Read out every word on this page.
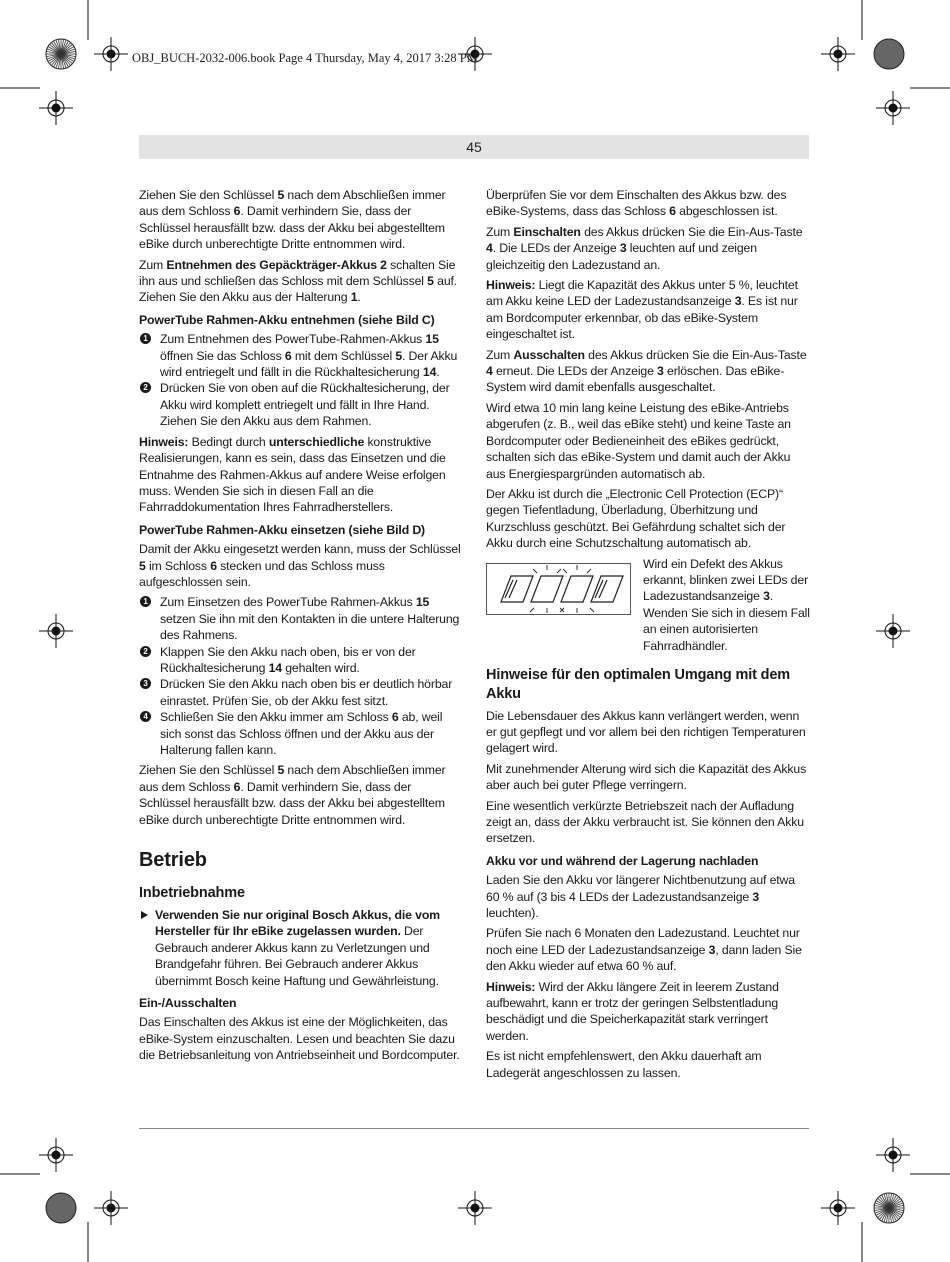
OBJ_BUCH-2032-006.book Page 4 Thursday, May 4, 2017 3:28 PM
45

Ziehen Sie den Schlüssel 5 nach dem Abschließen immer aus dem Schloss 6. Damit verhindern Sie, dass der Schlüssel herausfällt bzw. dass der Akku bei abgestelltem eBike durch unberechtigte Dritte entnommen wird.

Zum Entnehmen des Gepäckträger-Akkus 2 schalten Sie ihn aus und schließen das Schloss mit dem Schlüssel 5 auf. Ziehen Sie den Akku aus der Halterung 1.

PowerTube Rahmen-Akku entnehmen (siehe Bild C)
1 Zum Entnehmen des PowerTube-Rahmen-Akkus 15 öffnen Sie das Schloss 6 mit dem Schlüssel 5. Der Akku wird entriegelt und fällt in die Rückhaltesicherung 14.
2 Drücken Sie von oben auf die Rückhaltesicherung, der Akku wird komplett entriegelt und fällt in Ihre Hand. Ziehen Sie den Akku aus dem Rahmen.

Hinweis: Bedingt durch unterschiedliche konstruktive Realisierungen, kann es sein, dass das Einsetzen und die Entnahme des Rahmen-Akkus auf andere Weise erfolgen muss. Wenden Sie sich in diesen Fall an die Fahrraddokumentation Ihres Fahrradherstellers.

PowerTube Rahmen-Akku einsetzen (siehe Bild D)

Damit der Akku eingesetzt werden kann, muss der Schlüssel 5 im Schloss 6 stecken und das Schloss muss aufgeschlossen sein.

1 Zum Einsetzen des PowerTube Rahmen-Akkus 15 setzen Sie ihn mit den Kontakten in die untere Halterung des Rahmens.
2 Klappen Sie den Akku nach oben, bis er von der Rückhaltesicherung 14 gehalten wird.
3 Drücken Sie den Akku nach oben bis er deutlich hörbar einrastet. Prüfen Sie, ob der Akku fest sitzt.
4 Schließen Sie den Akku immer am Schloss 6 ab, weil sich sonst das Schloss öffnen und der Akku aus der Halterung fallen kann.

Ziehen Sie den Schlüssel 5 nach dem Abschließen immer aus dem Schloss 6. Damit verhindern Sie, dass der Schlüssel herausfällt bzw. dass der Akku bei abgestelltem eBike durch unberechtigte Dritte entnommen wird.

Betrieb
Inbetriebnahme
Verwenden Sie nur original Bosch Akkus, die vom Hersteller für Ihr eBike zugelassen wurden. Der Gebrauch anderer Akkus kann zu Verletzungen und Brandgefahr führen. Bei Gebrauch anderer Akkus übernimmt Bosch keine Haftung und Gewährleistung.
Ein-/Ausschalten

Das Einschalten des Akkus ist eine der Möglichkeiten, das eBike-System einzuschalten. Lesen und beachten Sie dazu die Betriebsanleitung von Antriebseinheit und Bordcomputer.

Überprüfen Sie vor dem Einschalten des Akkus bzw. des eBike-Systems, dass das Schloss 6 abgeschlossen ist.

Zum Einschalten des Akkus drücken Sie die Ein-Aus-Taste 4. Die LEDs der Anzeige 3 leuchten auf und zeigen gleichzeitig den Ladezustand an.

Hinweis: Liegt die Kapazität des Akkus unter 5 %, leuchtet am Akku keine LED der Ladezustandsanzeige 3. Es ist nur am Bordcomputer erkennbar, ob das eBike-System eingeschaltet ist.

Zum Ausschalten des Akkus drücken Sie die Ein-Aus-Taste 4 erneut. Die LEDs der Anzeige 3 erlöschen. Das eBike-System wird damit ebenfalls ausgeschaltet.

Wird etwa 10 min lang keine Leistung des eBike-Antriebs abgerufen (z. B., weil das eBike steht) und keine Taste an Bordcomputer oder Bedieneinheit des eBikes gedrückt, schalten sich das eBike-System und damit auch der Akku aus Energiespargründen automatisch ab.

Der Akku ist durch die „Electronic Cell Protection (ECP)“ gegen Tiefentladung, Überladung, Überhitzung und Kurzschluss geschützt. Bei Gefährdung schaltet sich der Akku durch eine Schutzschaltung automatisch ab.

Wird ein Defekt des Akkus erkannt, blinken zwei LEDs der Ladezustandsanzeige 3. Wenden Sie sich in diesem Fall an einen autorisierten Fahrradhändler.
Hinweise für den optimalen Umgang mit dem Akku

Die Lebensdauer des Akkus kann verlängert werden, wenn er gut gepflegt und vor allem bei den richtigen Temperaturen gelagert wird.

Mit zunehmender Alterung wird sich die Kapazität des Akkus aber auch bei guter Pflege verringern.

Eine wesentlich verkürzte Betriebszeit nach der Aufladung zeigt an, dass der Akku verbraucht ist. Sie können den Akku ersetzen.

Akku vor und während der Lagerung nachladen

Laden Sie den Akku vor längerer Nichtbenutzung auf etwa 60 % auf (3 bis 4 LEDs der Ladezustandsanzeige 3 leuchten).

Prüfen Sie nach 6 Monaten den Ladezustand. Leuchtet nur noch eine LED der Ladezustandsanzeige 3, dann laden Sie den Akku wieder auf etwa 60 % auf.

Hinweis: Wird der Akku längere Zeit in leerem Zustand aufbewahrt, kann er trotz der geringen Selbstentladung beschädigt und die Speicherkapazität stark verringert werden.

Es ist nicht empfehlenswert, den Akku dauerhaft am Ladegerät angeschlossen zu lassen.
